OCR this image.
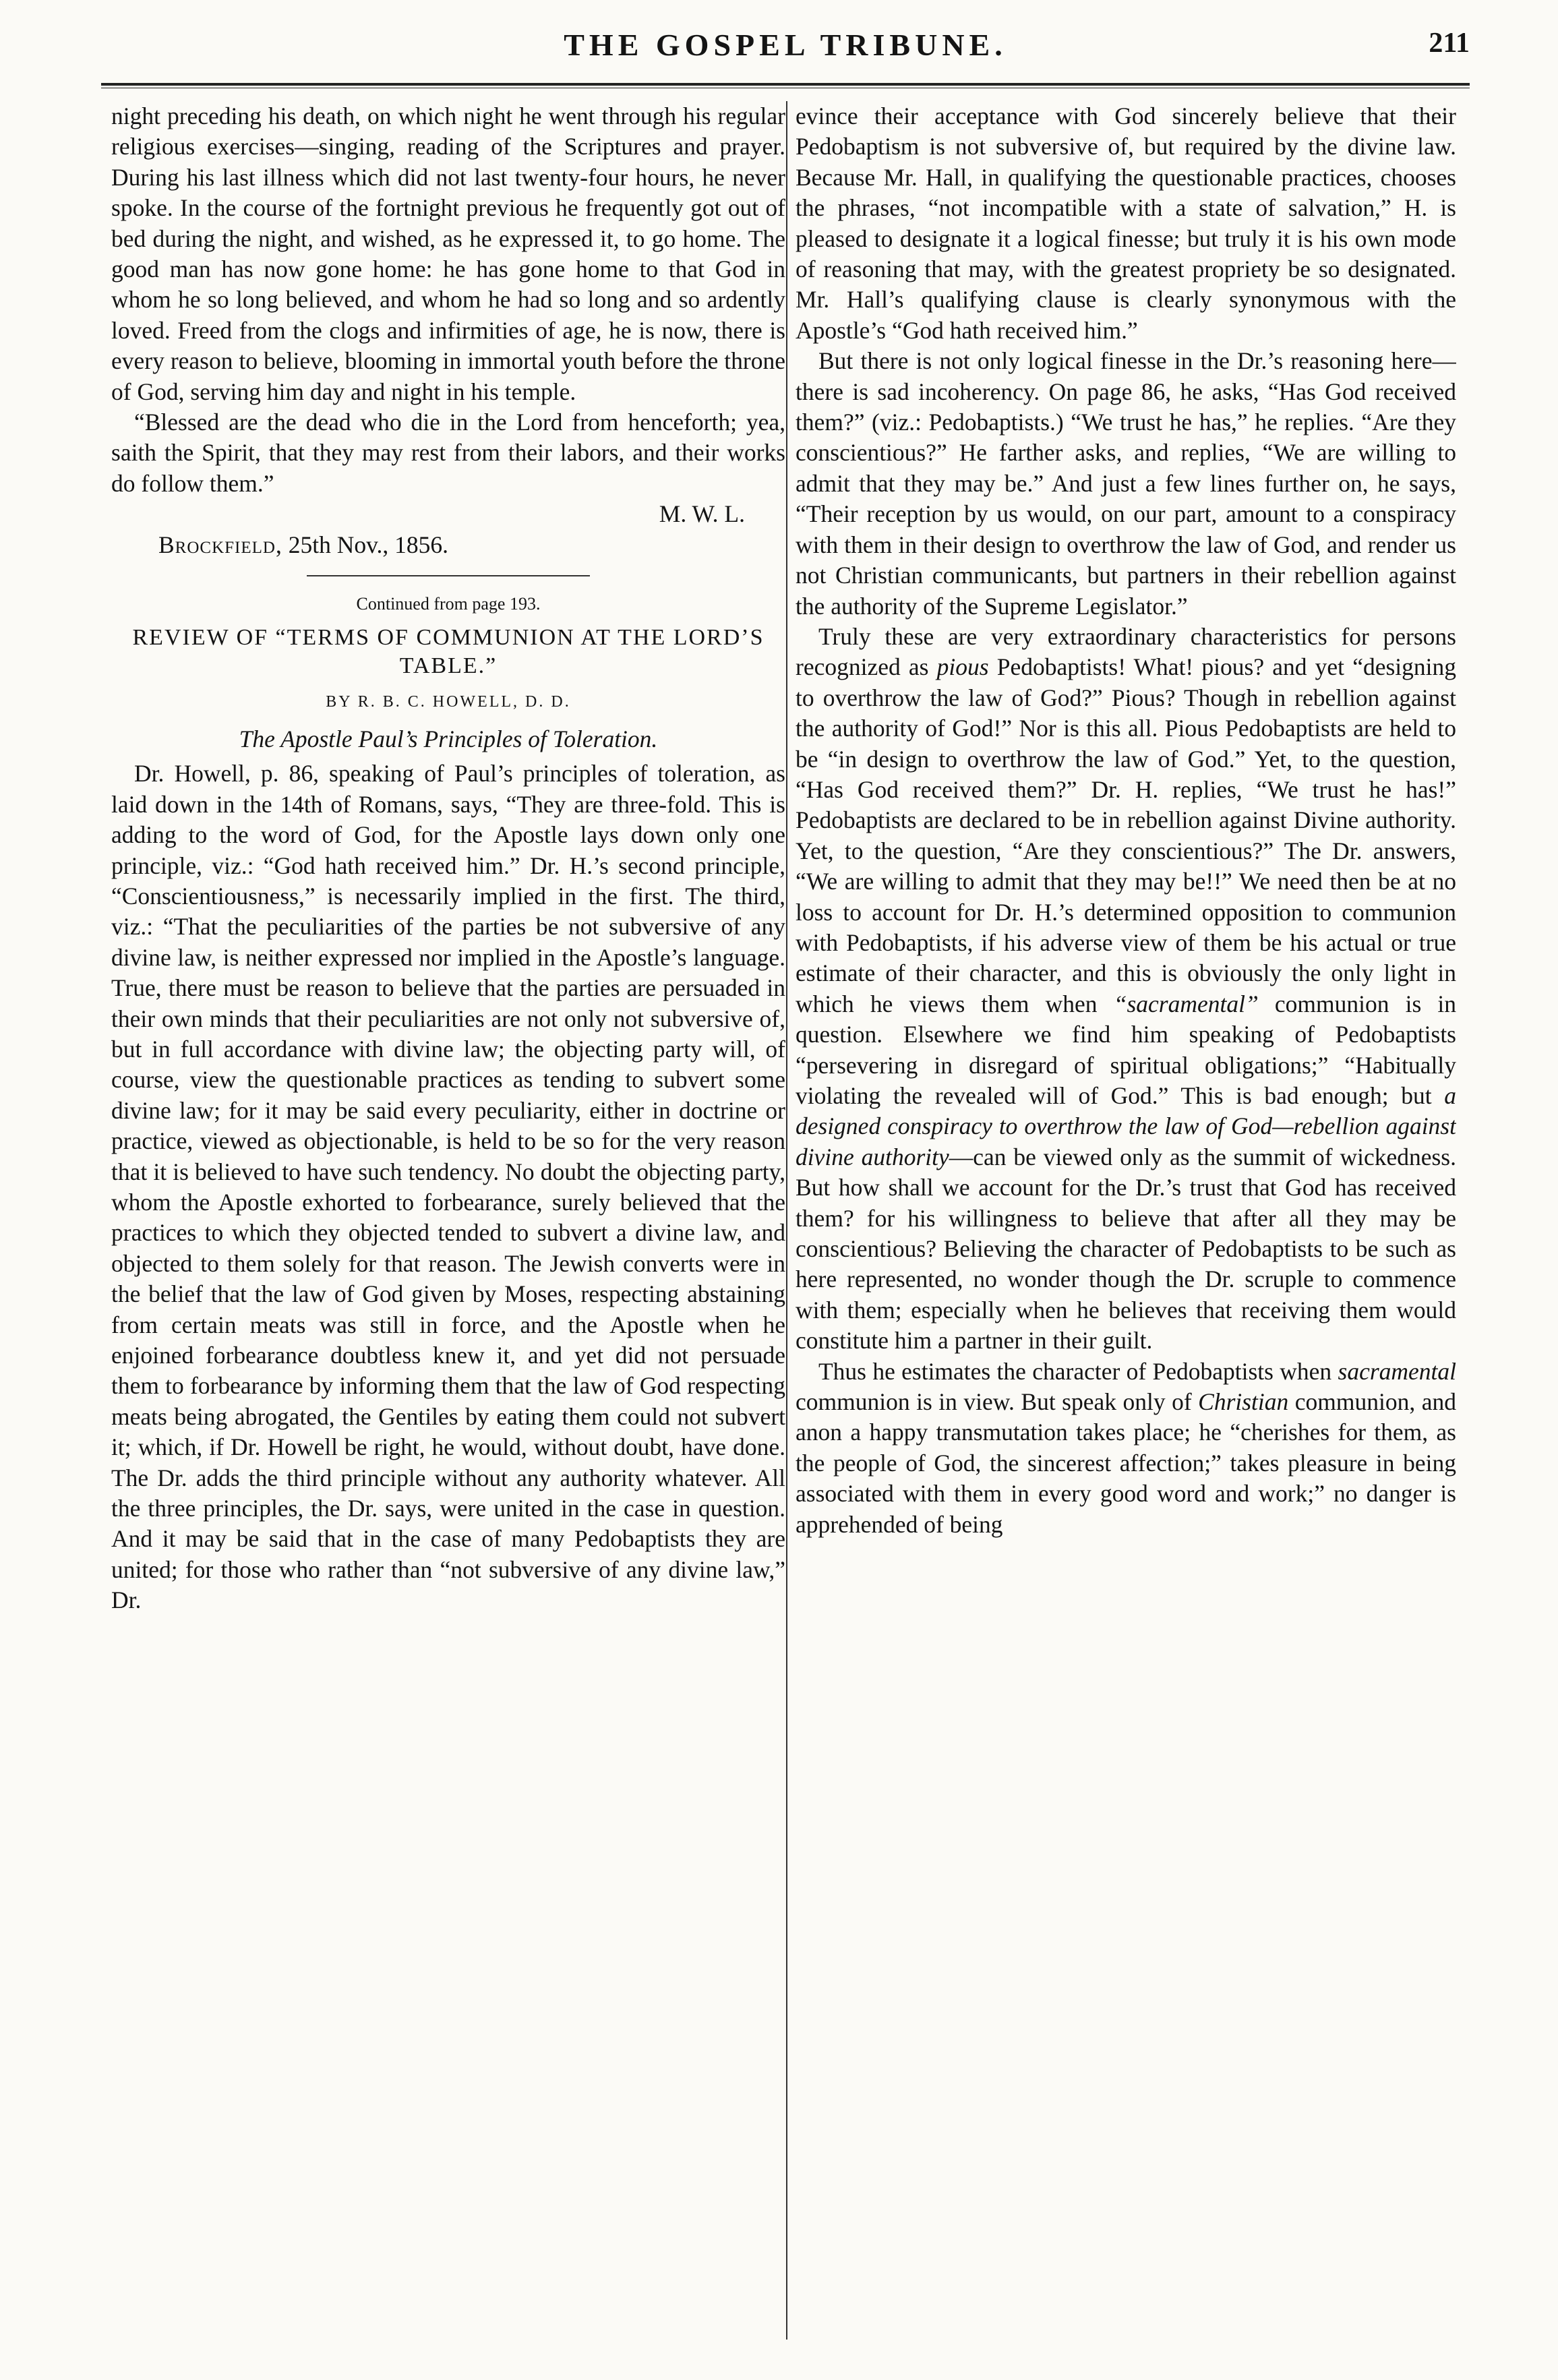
THE GOSPEL TRIBUNE.	211

night preceding his death, on which night he went through his regular religious exercises—singing, reading of the Scriptures and prayer. During his last illness which did not last twenty-four hours, he never spoke. In the course of the fortnight previous he frequently got out of bed during the night, and wished, as he expressed it, to go home. The good man has now gone home: he has gone home to that God in whom he so long believed, and whom he had so long and so ardently loved. Freed from the clogs and infirmities of age, he is now, there is every reason to believe, blooming in immortal youth before the throne of God, serving him day and night in his temple.

“Blessed are the dead who die in the Lord from henceforth; yea, saith the Spirit, that they may rest from their labors, and their works do follow them.”

M. W. L.

Brockfield, 25th Nov., 1856.

Continued from page 193.

REVIEW OF “TERMS OF COMMUNION AT THE LORD’S TABLE.”

BY R. B. C. HOWELL, D. D.

The Apostle Paul’s Principles of Toleration.

Dr. Howell, p. 86, speaking of Paul’s principles of toleration, as laid down in the 14th of Romans, says, “They are three-fold. This is adding to the word of God, for the Apostle lays down only one principle, viz.: “God hath received him.” Dr. H.’s second principle, “Conscientiousness,” is necessarily implied in the first. The third, viz.: “That the peculiarities of the parties be not subversive of any divine law, is neither expressed nor implied in the Apostle’s language. True, there must be reason to believe that the parties are persuaded in their own minds that their peculiarities are not only not subversive of, but in full accordance with divine law; the objecting party will, of course, view the questionable practices as tending to subvert some divine law; for it may be said every peculiarity, either in doctrine or practice, viewed as objectionable, is held to be so for the very reason that it is believed to have such tendency. No doubt the objecting party, whom the Apostle exhorted to forbearance, surely believed that the practices to which they objected tended to subvert a divine law, and objected to them solely for that reason. The Jewish converts were in the belief that the law of God given by Moses, respecting abstaining from certain meats was still in force, and the Apostle when he enjoined forbearance doubtless knew it, and yet did not persuade them to forbearance by informing them that the law of God respecting meats being abrogated, the Gentiles by eating them could not subvert it; which, if Dr. Howell be right, he would, without doubt, have done. The Dr. adds the third principle without any authority whatever. All the three principles, the Dr. says, were united in the case in question. And it may be said that in the case of many Pedobaptists they are united; for those who rather than “not subversive of any divine law,” Dr.

evince their acceptance with God sincerely believe that their Pedobaptism is not subversive of, but required by the divine law. Because Mr. Hall, in qualifying the questionable practices, chooses the phrases, “not incompatible with a state of salvation,” H. is pleased to designate it a logical finesse; but truly it is his own mode of reasoning that may, with the greatest propriety be so designated. Mr. Hall’s qualifying clause is clearly synonymous with the Apostle’s “God hath received him.”

But there is not only logical finesse in the Dr.’s reasoning here—there is sad incoherency. On page 86, he asks, “Has God received them?” (viz.: Pedobaptists.) “We trust he has,” he replies. “Are they conscientious?” He farther asks, and replies, “We are willing to admit that they may be.” And just a few lines further on, he says, “Their reception by us would, on our part, amount to a conspiracy with them in their design to overthrow the law of God, and render us not Christian communicants, but partners in their rebellion against the authority of the Supreme Legislator.”

Truly these are very extraordinary characteristics for persons recognized as pious Pedobaptists! What! pious? and yet “designing to overthrow the law of God?” Pious? Though in rebellion against the authority of God!” Nor is this all. Pious Pedobaptists are held to be “in design to overthrow the law of God.” Yet, to the question, “Has God received them?” Dr. H. replies, “We trust he has!” Pedobaptists are declared to be in rebellion against Divine authority. Yet, to the question, “Are they conscientious?” The Dr. answers, “We are willing to admit that they may be!!” We need then be at no loss to account for Dr. H.’s determined opposition to communion with Pedobaptists, if his adverse view of them be his actual or true estimate of their character, and this is obviously the only light in which he views them when “sacramental” communion is in question. Elsewhere we find him speaking of Pedobaptists “persevering in disregard of spiritual obligations;” “Habitually violating the revealed will of God.” This is bad enough; but a designed conspiracy to overthrow the law of God—rebellion against divine authority—can be viewed only as the summit of wickedness. But how shall we account for the Dr.’s trust that God has received them? for his willingness to believe that after all they may be conscientious? Believing the character of Pedobaptists to be such as here represented, no wonder though the Dr. scruple to commence with them; especially when he believes that receiving them would constitute him a partner in their guilt.

Thus he estimates the character of Pedobaptists when sacramental communion is in view. But speak only of Christian communion, and anon a happy transmutation takes place; he “cherishes for them, as the people of God, the sincerest affection;” takes pleasure in being associated with them in every good word and work;” no danger is apprehended of being
